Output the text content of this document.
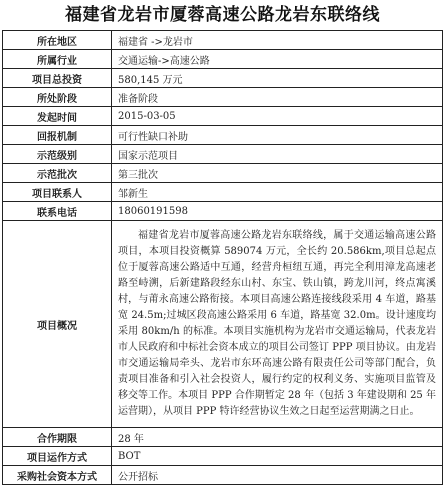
福建省龙岩市厦蓉高速公路龙岩东联络线
所在地区	福建省 ->龙岩市
所属行业	交通运输->高速公路
项目总投资	580,145 万元
所处阶段	准备阶段
发起时间	2015-03-05
回报机制	可行性缺口补助
示范级别	国家示范项目
示范批次	第三批次
项目联系人	邹新生
联系电话	18060191598
项目概况	福建省龙岩市厦蓉高速公路龙岩东联络线，属于交通运输高速公路项目，本项目投资概算 589074 万元，全长约 20.586km,项目总起点位于厦蓉高速公路适中互通，经营舟桓纽互通，再完全利用漳龙高速老路至峙溯，后新建路段经东山村、东宝、铁山镇，跨龙川河，终点寓溪村，与莆永高速公路衔接。本项目高速公路连接线段采用 4 车道，路基宽 24.5m;过城区段高速公路采用 6 车道，路基宽 32.0m。设计速度均采用 80km/h 的标准。本项目实施机构为龙岩市交通运输局，代表龙岩市人民政府和中标社会资本成立的项目公司签订 PPP 项目协议。由龙岩市交通运输局牵头、龙岩市东环高速公路有限责任公司等部门配合，负责项目准备和引入社会投资人，履行约定的权利义务、实施项目监管及移交等工作。本项目 PPP 合作期暂定 28 年（包括 3 年建设期和 25 年运营期），从项目 PPP 特许经营协议生效之日起至运营期满之日止。

合作期限	28 年
项目运作方式	BOT
采购社会资本方式	公开招标
